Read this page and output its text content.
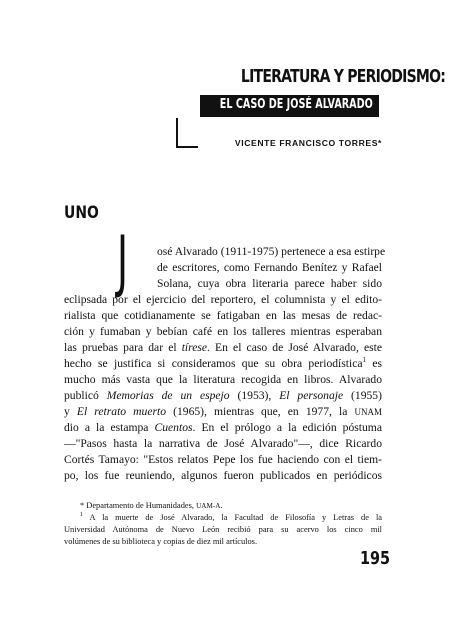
LITERATURA Y PERIODISMO:
EL CASO DE JOSÉ ALVARADO
VICENTE FRANCISCO TORRES*
UNO
J osé Alvarado (1911-1975) pertenece a esa estirpe
de escritores, como Fernando Benítez y Rafael
Solana, cuya obra literaria parece haber sido
eclipsada por el ejercicio del reportero, el columnista y el edito-
rialista que cotidianamente se fatigaban en las mesas de redac-
ción y fumaban y bebían café en los talleres mientras esperaban
las pruebas para dar el tírese. En el caso de José Alvarado, este
hecho se justifica si consideramos que su obra periodística$^1$ es
mucho más vasta que la literatura recogida en libros. Alvarado
publicó Memorias de un espejo (1953), El personaje (1955)
y El retrato muerto (1965), mientras que, en 1977, la UNAM
dio a la estampa Cuentos. En el prólogo a la edición póstuma
—"Pasos hasta la narrativa de José Alvarado"—, dice Ricardo
Cortés Tamayo: "Estos relatos Pepe los fue haciendo con el tiem-
po, los fue reuniendo, algunos fueron publicados en periódicos
* Departamento de Humanidades, UAM-A.
$^1$ A la muerte de José Alvarado, la Facultad de Filosofía y Letras de la
Universidad Autónoma de Nuevo León recibió para su acervo los cinco mil
volúmenes de su biblioteca y copias de diez mil artículos.
195
